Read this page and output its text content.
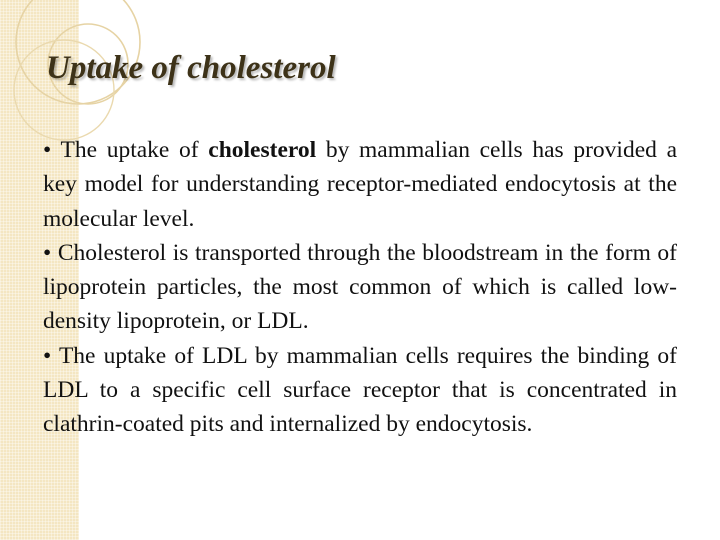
Uptake of cholesterol

• The uptake of cholesterol by mammalian cells has provided a key model for understanding receptor-mediated endocytosis at the molecular level.

• Cholesterol is transported through the bloodstream in the form of lipoprotein particles, the most common of which is called low-density lipoprotein, or LDL.

• The uptake of LDL by mammalian cells requires the binding of LDL to a specific cell surface receptor that is concentrated in clathrin-coated pits and internalized by endocytosis.
